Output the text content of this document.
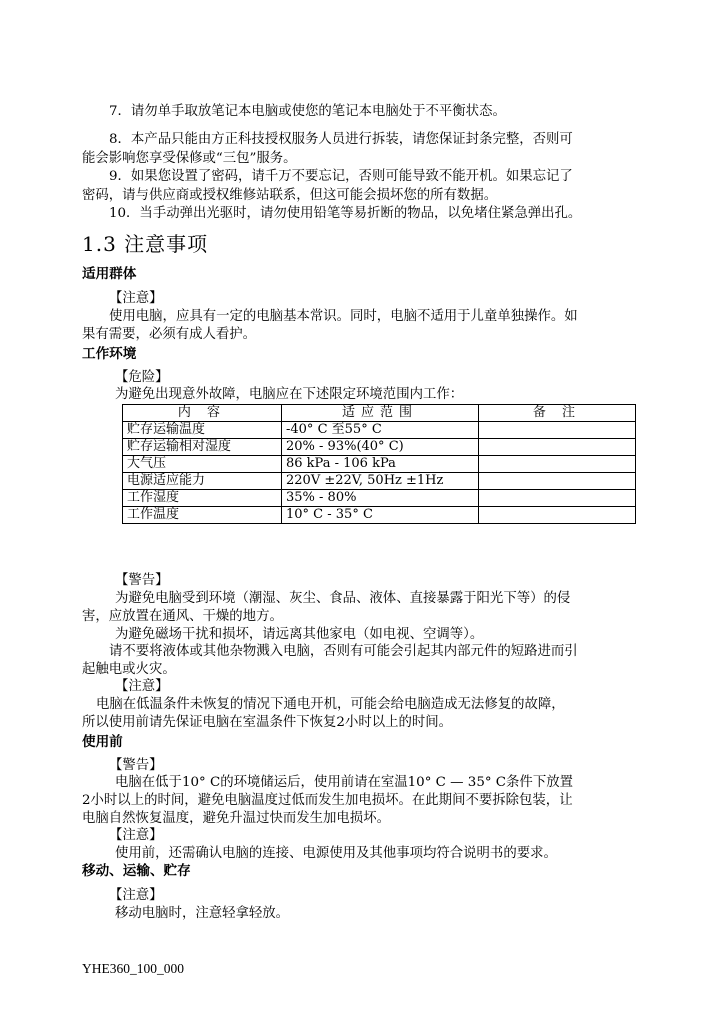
7．请勿单手取放笔记本电脑或使您的笔记本电脑处于不平衡状态。
8．本产品只能由方正科技授权服务人员进行拆装，请您保证封条完整，否则可
能会影响您享受保修或“三包”服务。
9．如果您设置了密码，请千万不要忘记，否则可能导致不能开机。如果忘记了
密码，请与供应商或授权维修站联系，但这可能会损坏您的所有数据。
10．当手动弹出光驱时，请勿使用铅笔等易折断的物品，以免堵住紧急弹出孔。
1.3 注意事项
适用群体
【注意】
使用电脑，应具有一定的电脑基本常识。同时，电脑不适用于儿童单独操作。如
果有需要，必须有成人看护。
工作环境
【危险】
为避免出现意外故障，电脑应在下述限定环境范围内工作：
内 容	适应范围	备 注
贮存运输温度	-40° C 至55° C	
贮存运输相对湿度	20% - 93%(40° C)	
大气压	86 kPa - 106 kPa	
电源适应能力	220V ±22V, 50Hz ±1Hz	
工作湿度	35% - 80%	
工作温度	10° C - 35° C	
【警告】
为避免电脑受到环境（潮湿、灰尘、食品、液体、直接暴露于阳光下等）的侵
害，应放置在通风、干燥的地方。
为避免磁场干扰和损坏，请远离其他家电（如电视、空调等）。
请不要将液体或其他杂物溅入电脑，否则有可能会引起其内部元件的短路进而引
起触电或火灾。
【注意】
电脑在低温条件未恢复的情况下通电开机，可能会给电脑造成无法修复的故障，
所以使用前请先保证电脑在室温条件下恢复2小时以上的时间。
使用前
【警告】
电脑在低于10° C的环境储运后，使用前请在室温10° C — 35° C条件下放置
2小时以上的时间，避免电脑温度过低而发生加电损坏。在此期间不要拆除包装，让
电脑自然恢复温度，避免升温过快而发生加电损坏。
【注意】
使用前，还需确认电脑的连接、电源使用及其他事项均符合说明书的要求。
移动、运输、贮存
【注意】
移动电脑时，注意轻拿轻放。
YHE360_100_000
